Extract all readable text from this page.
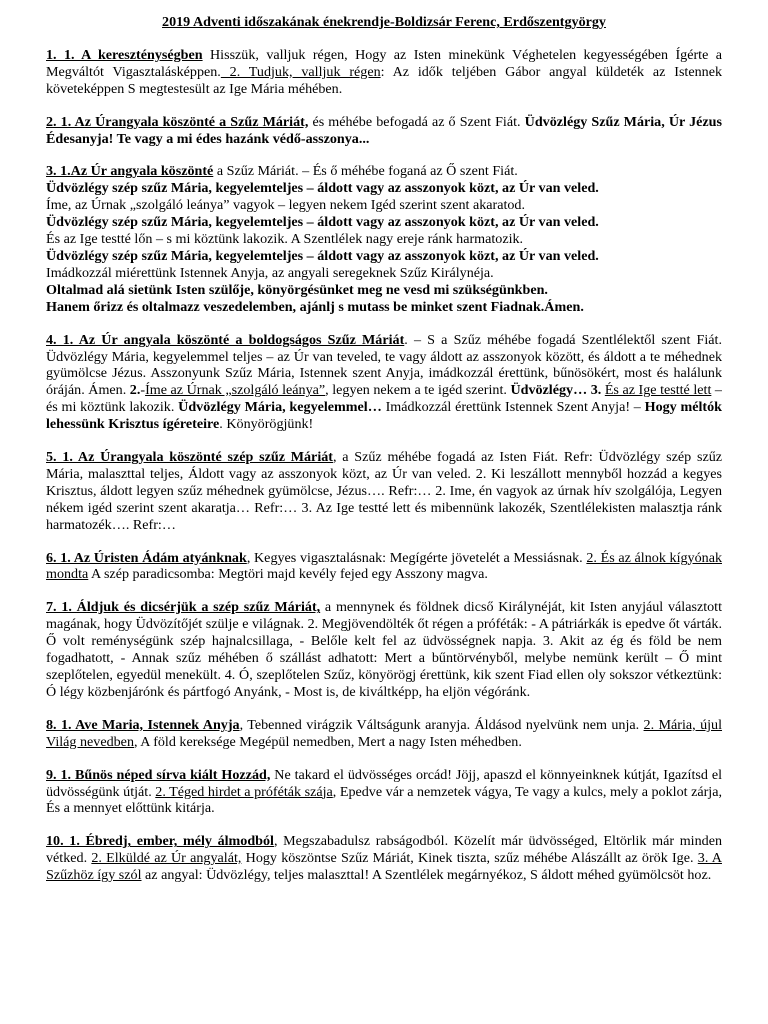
2019 Adventi időszakának énekrendje-Boldizsár Ferenc, Erdőszentgyörgy
1. 1. A kereszténységben Hisszük, valljuk régen, Hogy az Isten minekünk Véghetelen kegyességében Ígérte a Megváltót Vigasztalásképpen. 2. Tudjuk, valljuk régen: Az idők teljében Gábor angyal küldeték az Istennek követeképpen S megtestesült az Ige Mária méhében.
2. 1. Az Úrangyala köszönté a Szűz Máriát, és méhébe befogadá az ő Szent Fiát. Üdvözlégy Szűz Mária, Úr Jézus Édesanyja! Te vagy a mi édes hazánk védő-asszonya...

3. 1.Az Úr angyala köszönté a Szűz Máriát. – És ő méhébe foganá az Ő szent Fiát.

Üdvözlégy szép szűz Mária, kegyelemteljes – áldott vagy az asszonyok közt, az Úr van veled.

Íme, az Úrnak „szolgáló leánya” vagyok – legyen nekem Igéd szerint szent akaratod.

Üdvözlégy szép szűz Mária, kegyelemteljes – áldott vagy az asszonyok közt, az Úr van veled.

És az Ige testté lőn – s mi köztünk lakozik. A Szentlélek nagy ereje ránk harmatozik.

Üdvözlégy szép szűz Mária, kegyelemteljes – áldott vagy az asszonyok közt, az Úr van veled.

Imádkozzál miérettünk Istennek Anyja, az angyali seregeknek Szűz Királynéja.

Oltalmad alá sietünk Isten szülője, könyörgésünket meg ne vesd mi szükségünkben.

Hanem őrizz és oltalmazz veszedelemben, ajánlj s mutass be minket szent Fiadnak.Ámen.

4. 1. Az Úr angyala köszönté a boldogságos Szűz Máriát. – S a Szűz méhébe fogadá Szentlélektől szent Fiát. Üdvözlégy Mária, kegyelemmel teljes – az Úr van teveled, te vagy áldott az asszonyok között, és áldott a te méhednek gyümölcse Jézus. Asszonyunk Szűz Mária, Istennek szent Anyja, imádkozzál érettünk, bűnösökért, most és halálunk óráján. Ámen. 2.-Íme az Úrnak „szolgáló leánya”, legyen nekem a te igéd szerint. Üdvözlégy… 3. És az Ige testté lett – és mi köztünk lakozik. Üdvözlégy Mária, kegyelemmel… Imádkozzál érettünk Istennek Szent Anyja! – Hogy méltók lehessünk Krisztus ígéreteire. Könyörögjünk!
5. 1. Az Úrangyala köszönté szép szűz Máriát, a Szűz méhébe fogadá az Isten Fiát. Refr: Üdvözlégy szép szűz Mária, malaszttal teljes, Áldott vagy az asszonyok közt, az Úr van veled. 2. Ki leszállott mennyből hozzád a kegyes Krisztus, áldott legyen szűz méhednek gyümölcse, Jézus…. Refr:… 2. Ime, én vagyok az úrnak hív szolgálója, Legyen nékem igéd szerint szent akaratja… Refr:… 3. Az Ige testté lett és mibennünk lakozék, Szentlélekisten malasztja ránk harmatozék…. Refr:…
6. 1. Az Úristen Ádám atyánknak, Kegyes vigasztalásnak: Megígérte jövetelét a Messiásnak. 2. És az álnok kígyónak mondta A szép paradicsomba: Megtöri majd kevély fejed egy Asszony magva.
7. 1. Áldjuk és dicsérjük a szép szűz Máriát, a mennynek és földnek dicső Királynéját, kit Isten anyjául választott magának, hogy Üdvözítőjét szülje e világnak. 2. Megjövendölték őt régen a próféták: - A pátriárkák is epedve őt várták. Ő volt reménységünk szép hajnalcsillaga, - Belőle kelt fel az üdvösségnek napja. 3. Akit az ég és föld be nem fogadhatott, - Annak szűz méhében ő szállást adhatott: Mert a bűntörvényből, melybe nemünk került – Ő mint szeplőtelen, egyedül menekült. 4. Ó, szeplőtelen Szűz, könyörögj érettünk, kik szent Fiad ellen oly sokszor vétkeztünk: Ó légy közbenjárónk és pártfogó Anyánk, - Most is, de kiváltképp, ha eljön végóránk.
8. 1. Ave Maria, Istennek Anyja, Tebenned virágzik Váltságunk aranyja. Áldásod nyelvünk nem unja. 2. Mária, újul Világ nevedben, A föld kereksége Megépül nemedben, Mert a nagy Isten méhedben.
9. 1. Bűnös néped sírva kiált Hozzád, Ne takard el üdvösséges orcád! Jöjj, apaszd el könnyeinknek kútját, Igazítsd el üdvösségünk útját. 2. Téged hirdet a próféták szája, Epedve vár a nemzetek vágya, Te vagy a kulcs, mely a poklot zárja, És a mennyet előttünk kitárja.
10. 1. Ébredj, ember, mély álmodból, Megszabadulsz rabságodból. Közelít már üdvösséged, Eltörlik már minden vétked. 2. Elküldé az Úr angyalát, Hogy köszöntse Szűz Máriát, Kinek tiszta, szűz méhébe Alászállt az örök Ige. 3. A Szűzhöz így szól az angyal: Üdvözlégy, teljes malaszttal! A Szentlélek megárnyékoz, S áldott méhed gyümölcsöt hoz.
